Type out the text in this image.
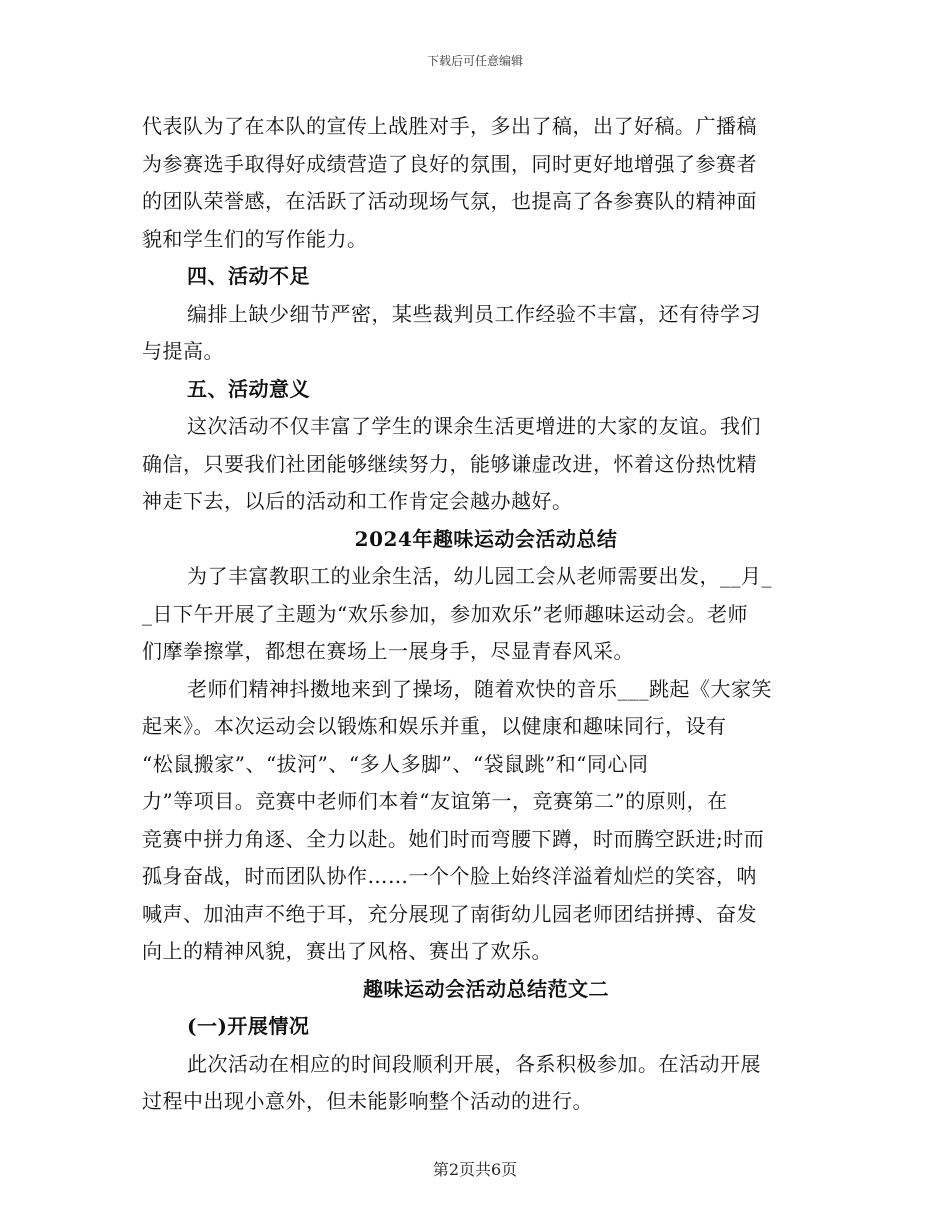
下载后可任意编辑
代表队为了在本队的宣传上战胜对手，多出了稿，出了好稿。广播稿
为参赛选手取得好成绩营造了良好的氛围，同时更好地增强了参赛者
的团队荣誉感，在活跃了活动现场气氛，也提高了各参赛队的精神面
貌和学生们的写作能力。
四、活动不足
编排上缺少细节严密，某些裁判员工作经验不丰富，还有待学习
与提高。
五、活动意义
这次活动不仅丰富了学生的课余生活更增进的大家的友谊。我们
确信，只要我们社团能够继续努力，能够谦虚改进，怀着这份热忱精
神走下去，以后的活动和工作肯定会越办越好。
2024年趣味运动会活动总结
为了丰富教职工的业余生活，幼儿园工会从老师需要出发，__月_
_日下午开展了主题为“欢乐参加，参加欢乐”老师趣味运动会。老师
们摩拳擦掌，都想在赛场上一展身手，尽显青春风采。
老师们精神抖擞地来到了操场，随着欢快的音乐___跳起《大家笑
起来》。本次运动会以锻炼和娱乐并重，以健康和趣味同行，设有
“松鼠搬家”、“拔河”、“多人多脚”、“袋鼠跳”和“同心同
力”等项目。竞赛中老师们本着“友谊第一，竞赛第二”的原则，在
竞赛中拼力角逐、全力以赴。她们时而弯腰下蹲，时而腾空跃进;时而
孤身奋战，时而团队协作……一个个脸上始终洋溢着灿烂的笑容，呐
喊声、加油声不绝于耳，充分展现了南街幼儿园老师团结拼搏、奋发
向上的精神风貌，赛出了风格、赛出了欢乐。
趣味运动会活动总结范文二
(一)开展情况
此次活动在相应的时间段顺利开展，各系积极参加。在活动开展
过程中出现小意外，但未能影响整个活动的进行。
第2页共6页
